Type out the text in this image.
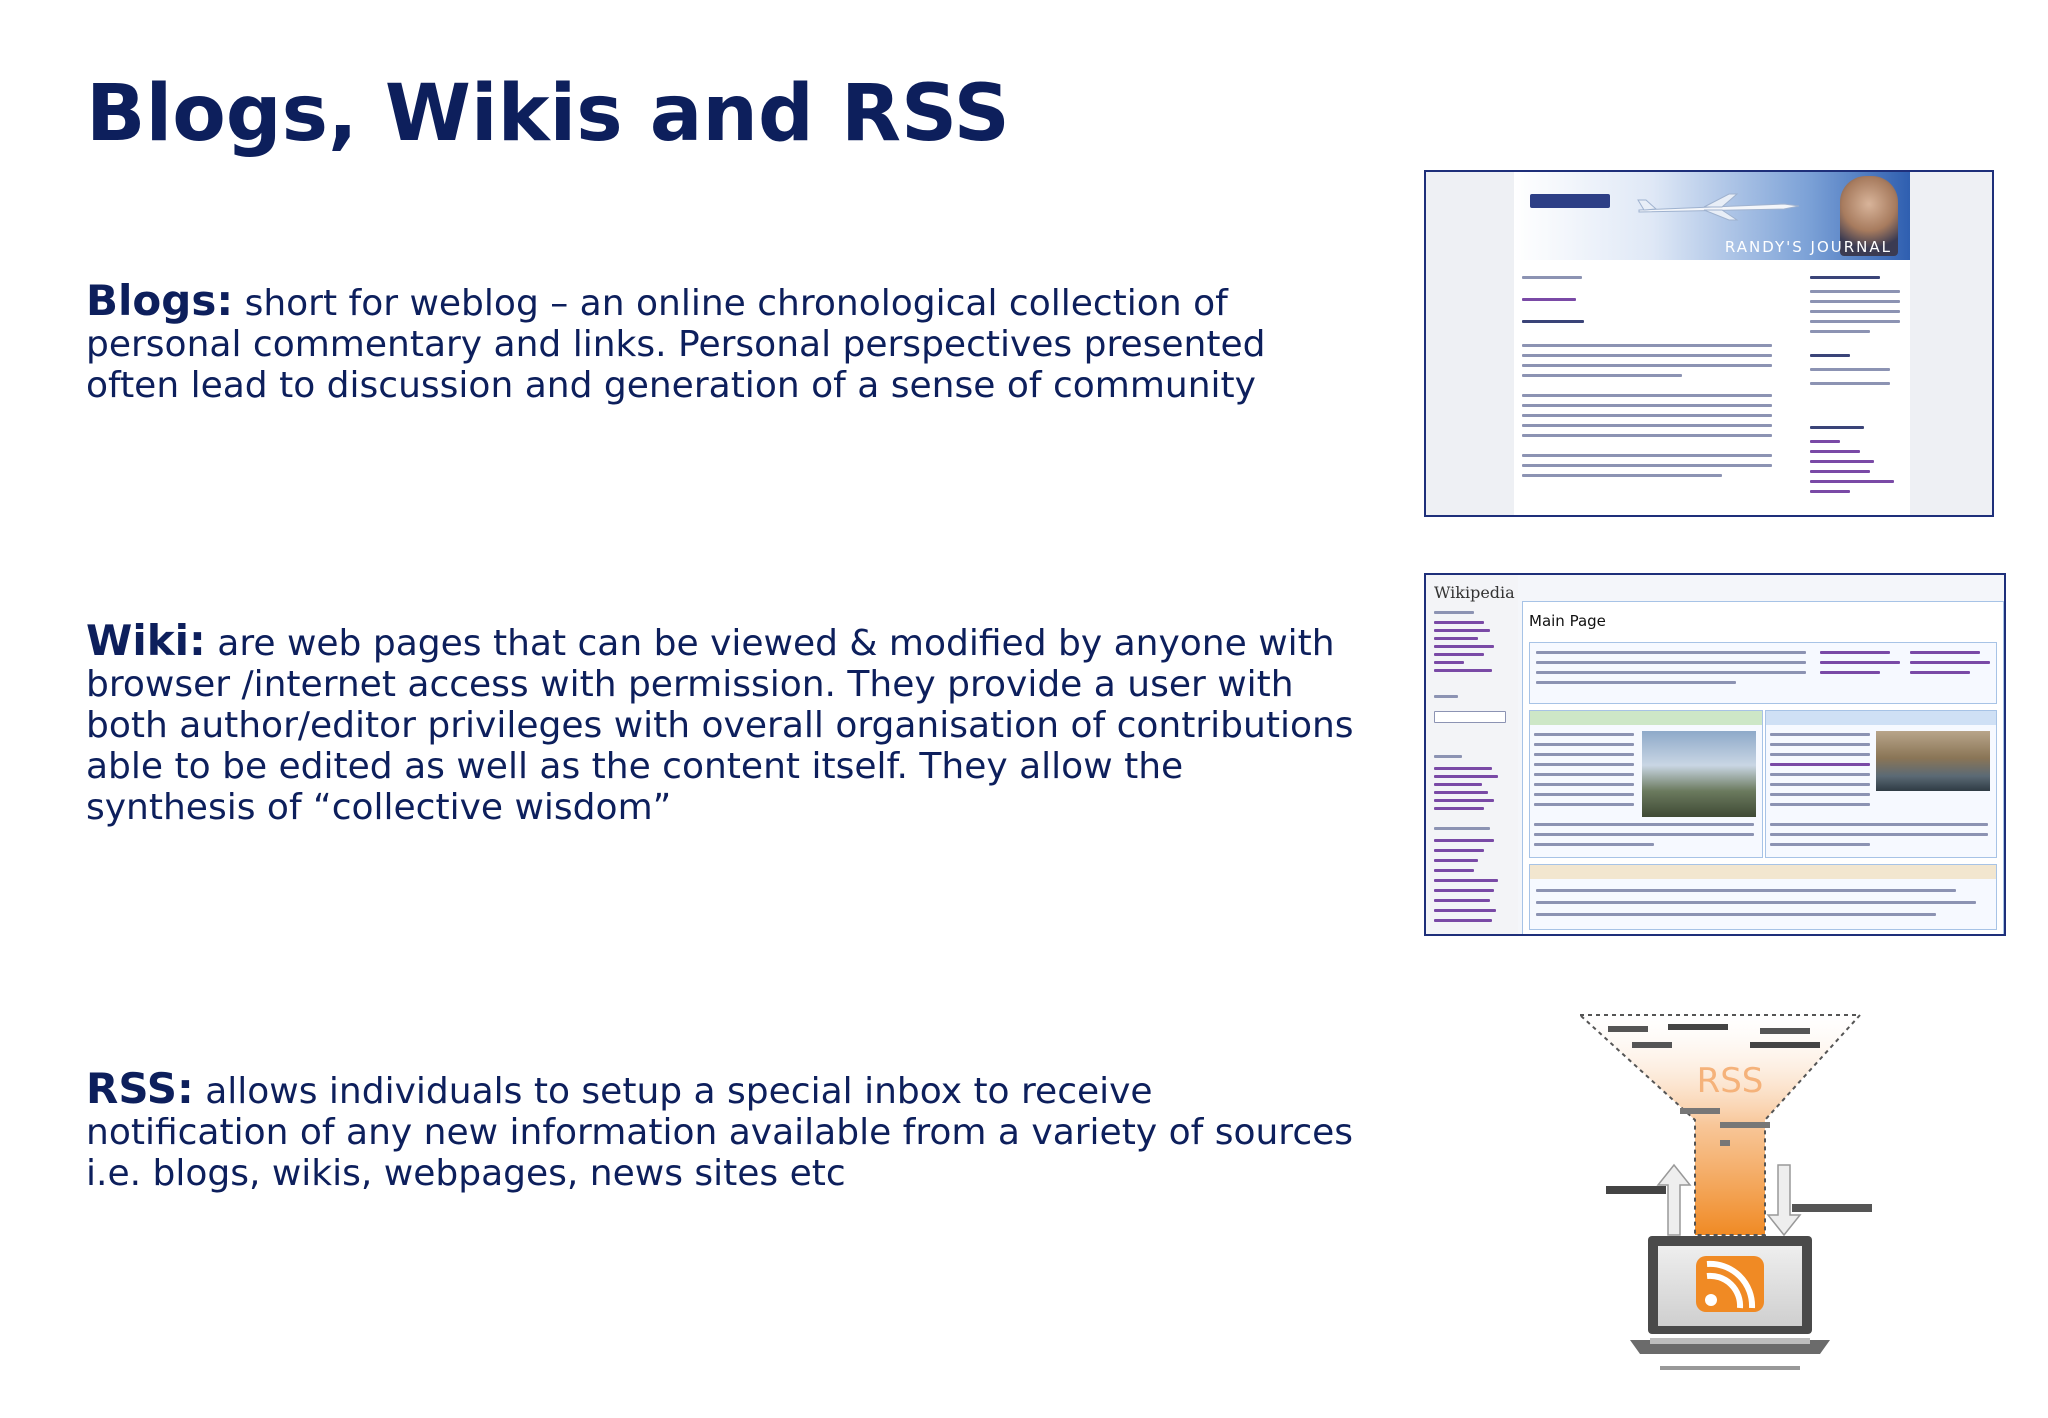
Blogs, Wikis and RSS

Blogs: short for weblog – an online chronological collection of personal commentary and links. Personal perspectives presented often lead to discussion and generation of a sense of community

Wiki: are web pages that can be viewed & modified by anyone with browser /internet access with permission. They provide a user with both author/editor privileges with overall organisation of contributions able to be edited as well as the content itself. They allow the synthesis of “collective wisdom”

RSS: allows individuals to setup a special inbox to receive notification of any new information available from a variety of sources i.e. blogs, wikis, webpages, news sites etc

RANDY'S JOURNAL
Wikipedia
Main Page
RSS
